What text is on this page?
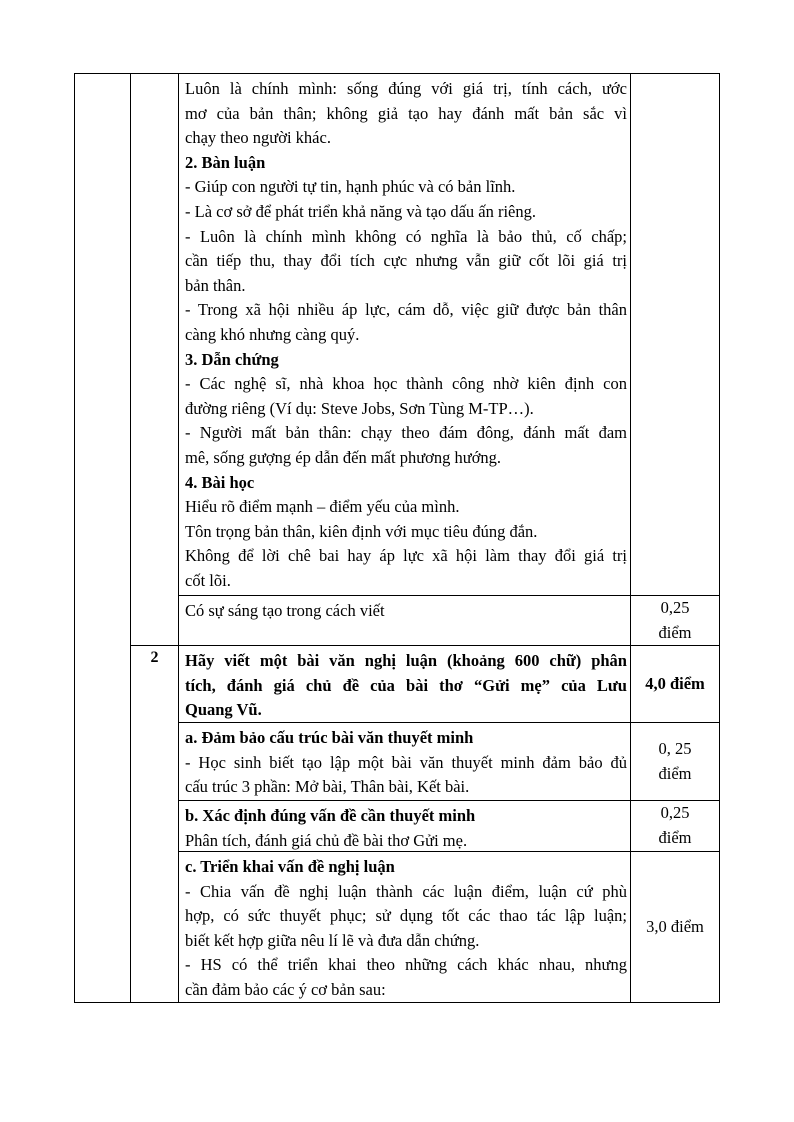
2
Luôn là chính mình: sống đúng với giá trị, tính cách, ước
mơ của bản thân; không giả tạo hay đánh mất bản sắc vì
chạy theo người khác.
2. Bàn luận
- Giúp con người tự tin, hạnh phúc và có bản lĩnh.
- Là cơ sở để phát triển khả năng và tạo dấu ấn riêng.
- Luôn là chính mình không có nghĩa là bảo thủ, cố chấp;
cần tiếp thu, thay đổi tích cực nhưng vẫn giữ cốt lõi giá trị
bản thân.
- Trong xã hội nhiều áp lực, cám dỗ, việc giữ được bản thân
càng khó nhưng càng quý.
3. Dẫn chứng
- Các nghệ sĩ, nhà khoa học thành công nhờ kiên định con
đường riêng (Ví dụ: Steve Jobs, Sơn Tùng M-TP…).
- Người mất bản thân: chạy theo đám đông, đánh mất đam
mê, sống gượng ép dẫn đến mất phương hướng.
4. Bài học
Hiểu rõ điểm mạnh – điểm yếu của mình.
Tôn trọng bản thân, kiên định với mục tiêu đúng đắn.
Không để lời chê bai hay áp lực xã hội làm thay đổi giá trị
cốt lõi.
Có sự sáng tạo trong cách viết	0,25
điểm
Hãy viết một bài văn nghị luận (khoảng 600 chữ) phân
tích, đánh giá chủ đề của bài thơ “Gửi mẹ” của Lưu
Quang Vũ.
4,0 điểm
a. Đảm bảo cấu trúc bài văn thuyết minh
- Học sinh biết tạo lập một bài văn thuyết minh đảm bảo đủ
cấu trúc 3 phần: Mở bài, Thân bài, Kết bài.
0, 25
điểm
b. Xác định đúng vấn đề cần thuyết minh
Phân tích, đánh giá chủ đề bài thơ Gửi mẹ.
0,25
điểm
c. Triển khai vấn đề nghị luận
- Chia vấn đề nghị luận thành các luận điểm, luận cứ phù
hợp, có sức thuyết phục; sử dụng tốt các thao tác lập luận;
biết kết hợp giữa nêu lí lẽ và đưa dẫn chứng.
- HS có thể triển khai theo những cách khác nhau, nhưng
cần đảm bảo các ý cơ bản sau:
3,0 điểm
